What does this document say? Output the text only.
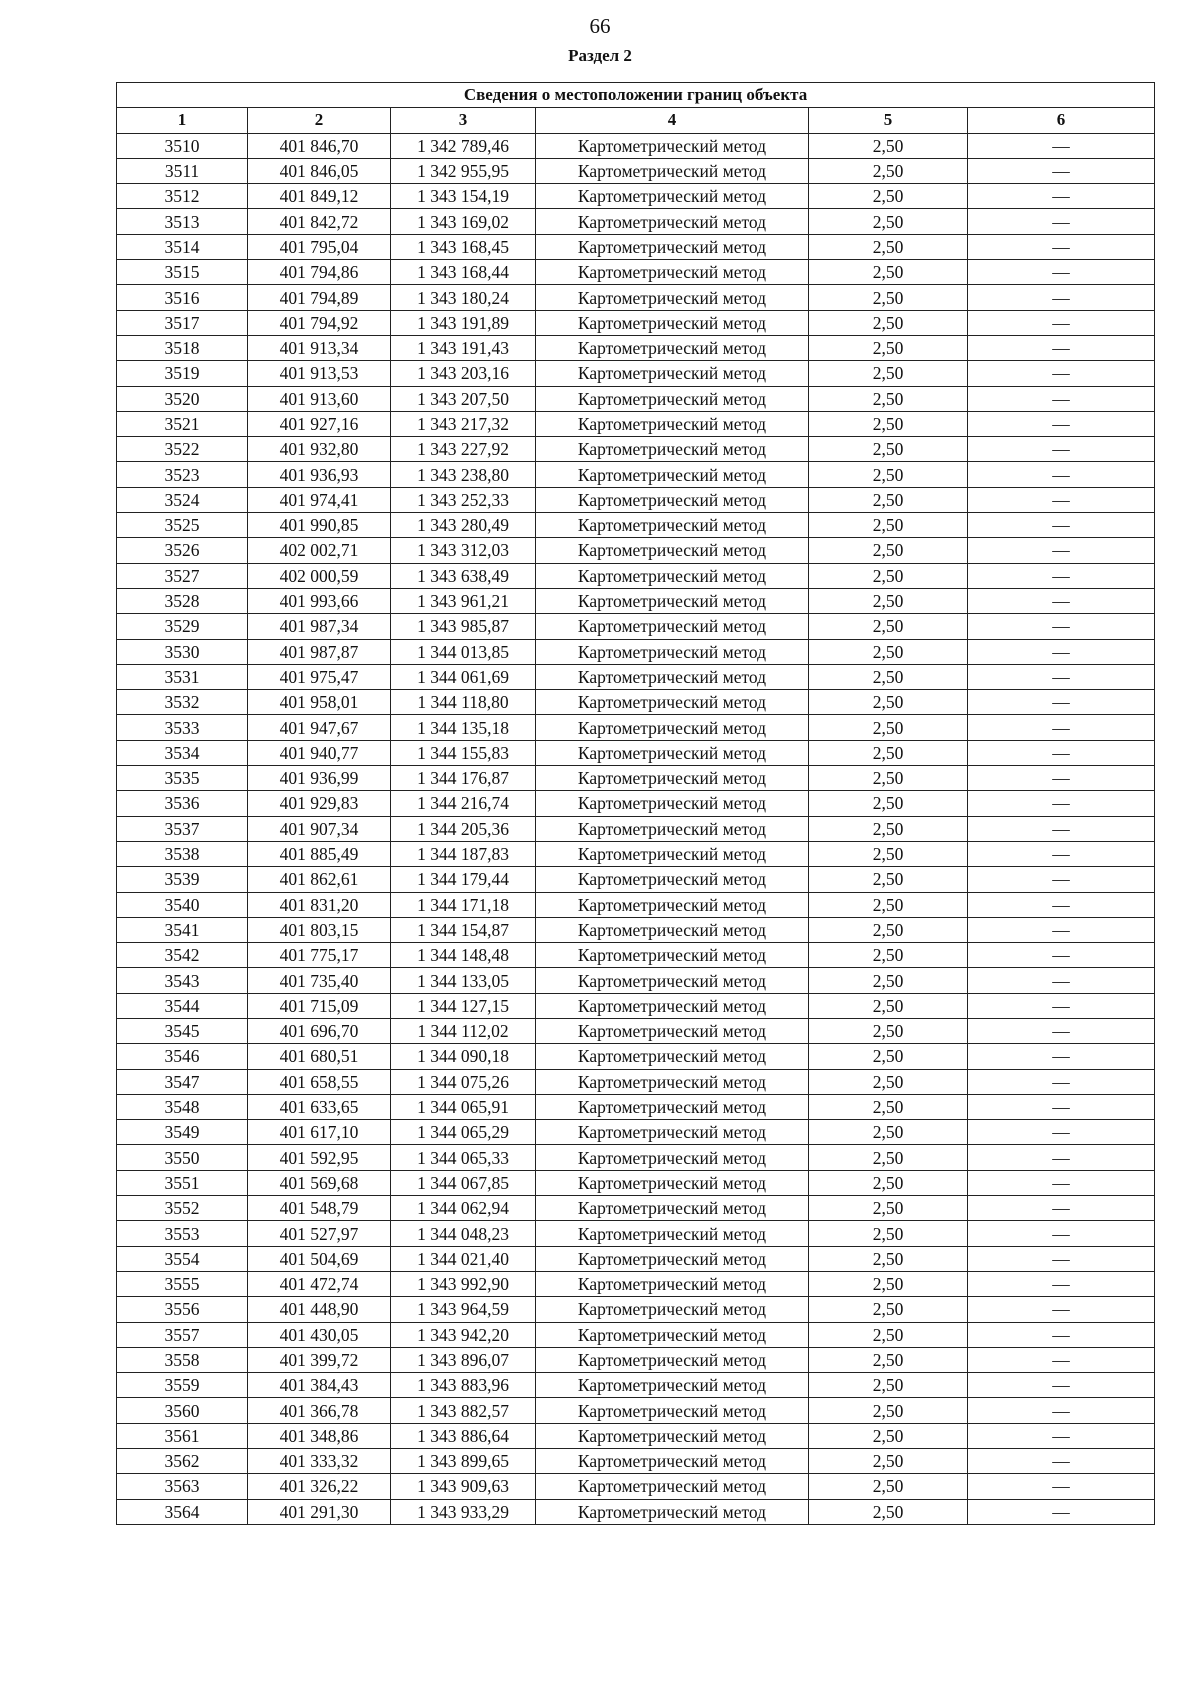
66
Раздел 2
Сведения о местоположении границ объекта					
1	2	3	4	5	6
3510	401 846,70	1 342 789,46	Картометрический метод	2,50	—
3511	401 846,05	1 342 955,95	Картометрический метод	2,50	—
3512	401 849,12	1 343 154,19	Картометрический метод	2,50	—
3513	401 842,72	1 343 169,02	Картометрический метод	2,50	—
3514	401 795,04	1 343 168,45	Картометрический метод	2,50	—
3515	401 794,86	1 343 168,44	Картометрический метод	2,50	—
3516	401 794,89	1 343 180,24	Картометрический метод	2,50	—
3517	401 794,92	1 343 191,89	Картометрический метод	2,50	—
3518	401 913,34	1 343 191,43	Картометрический метод	2,50	—
3519	401 913,53	1 343 203,16	Картометрический метод	2,50	—
3520	401 913,60	1 343 207,50	Картометрический метод	2,50	—
3521	401 927,16	1 343 217,32	Картометрический метод	2,50	—
3522	401 932,80	1 343 227,92	Картометрический метод	2,50	—
3523	401 936,93	1 343 238,80	Картометрический метод	2,50	—
3524	401 974,41	1 343 252,33	Картометрический метод	2,50	—
3525	401 990,85	1 343 280,49	Картометрический метод	2,50	—
3526	402 002,71	1 343 312,03	Картометрический метод	2,50	—
3527	402 000,59	1 343 638,49	Картометрический метод	2,50	—
3528	401 993,66	1 343 961,21	Картометрический метод	2,50	—
3529	401 987,34	1 343 985,87	Картометрический метод	2,50	—
3530	401 987,87	1 344 013,85	Картометрический метод	2,50	—
3531	401 975,47	1 344 061,69	Картометрический метод	2,50	—
3532	401 958,01	1 344 118,80	Картометрический метод	2,50	—
3533	401 947,67	1 344 135,18	Картометрический метод	2,50	—
3534	401 940,77	1 344 155,83	Картометрический метод	2,50	—
3535	401 936,99	1 344 176,87	Картометрический метод	2,50	—
3536	401 929,83	1 344 216,74	Картометрический метод	2,50	—
3537	401 907,34	1 344 205,36	Картометрический метод	2,50	—
3538	401 885,49	1 344 187,83	Картометрический метод	2,50	—
3539	401 862,61	1 344 179,44	Картометрический метод	2,50	—
3540	401 831,20	1 344 171,18	Картометрический метод	2,50	—
3541	401 803,15	1 344 154,87	Картометрический метод	2,50	—
3542	401 775,17	1 344 148,48	Картометрический метод	2,50	—
3543	401 735,40	1 344 133,05	Картометрический метод	2,50	—
3544	401 715,09	1 344 127,15	Картометрический метод	2,50	—
3545	401 696,70	1 344 112,02	Картометрический метод	2,50	—
3546	401 680,51	1 344 090,18	Картометрический метод	2,50	—
3547	401 658,55	1 344 075,26	Картометрический метод	2,50	—
3548	401 633,65	1 344 065,91	Картометрический метод	2,50	—
3549	401 617,10	1 344 065,29	Картометрический метод	2,50	—
3550	401 592,95	1 344 065,33	Картометрический метод	2,50	—
3551	401 569,68	1 344 067,85	Картометрический метод	2,50	—
3552	401 548,79	1 344 062,94	Картометрический метод	2,50	—
3553	401 527,97	1 344 048,23	Картометрический метод	2,50	—
3554	401 504,69	1 344 021,40	Картометрический метод	2,50	—
3555	401 472,74	1 343 992,90	Картометрический метод	2,50	—
3556	401 448,90	1 343 964,59	Картометрический метод	2,50	—
3557	401 430,05	1 343 942,20	Картометрический метод	2,50	—
3558	401 399,72	1 343 896,07	Картометрический метод	2,50	—
3559	401 384,43	1 343 883,96	Картометрический метод	2,50	—
3560	401 366,78	1 343 882,57	Картометрический метод	2,50	—
3561	401 348,86	1 343 886,64	Картометрический метод	2,50	—
3562	401 333,32	1 343 899,65	Картометрический метод	2,50	—
3563	401 326,22	1 343 909,63	Картометрический метод	2,50	—
3564	401 291,30	1 343 933,29	Картометрический метод	2,50	—
